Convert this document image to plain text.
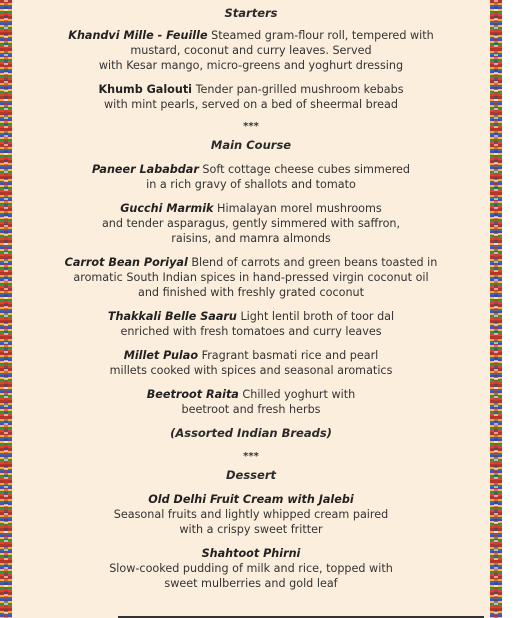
Starters
Khandvi Mille - Feuille Steamed gram-flour roll, tempered with
mustard, coconut and curry leaves. Served
with Kesar mango, micro-greens and yoghurt dressing
Khumb Galouti Tender pan-grilled mushroom kebabs
with mint pearls, served on a bed of sheermal bread
***
Main Course
Paneer Lababdar Soft cottage cheese cubes simmered
in a rich gravy of shallots and tomato
Gucchi Marmik Himalayan morel mushrooms
and tender asparagus, gently simmered with saffron,
raisins, and mamra almonds
Carrot Bean Poriyal Blend of carrots and green beans toasted in
aromatic South Indian spices in hand-pressed virgin coconut oil
and finished with freshly grated coconut
Thakkali Belle Saaru Light lentil broth of toor dal
enriched with fresh tomatoes and curry leaves
Millet Pulao Fragrant basmati rice and pearl
millets cooked with spices and seasonal aromatics
Beetroot Raita Chilled yoghurt with
beetroot and fresh herbs
(Assorted Indian Breads)
***
Dessert
Old Delhi Fruit Cream with Jalebi
Seasonal fruits and lightly whipped cream paired
with a crispy sweet fritter
Shahtoot Phirni
Slow-cooked pudding of milk and rice, topped with
sweet mulberries and gold leaf
